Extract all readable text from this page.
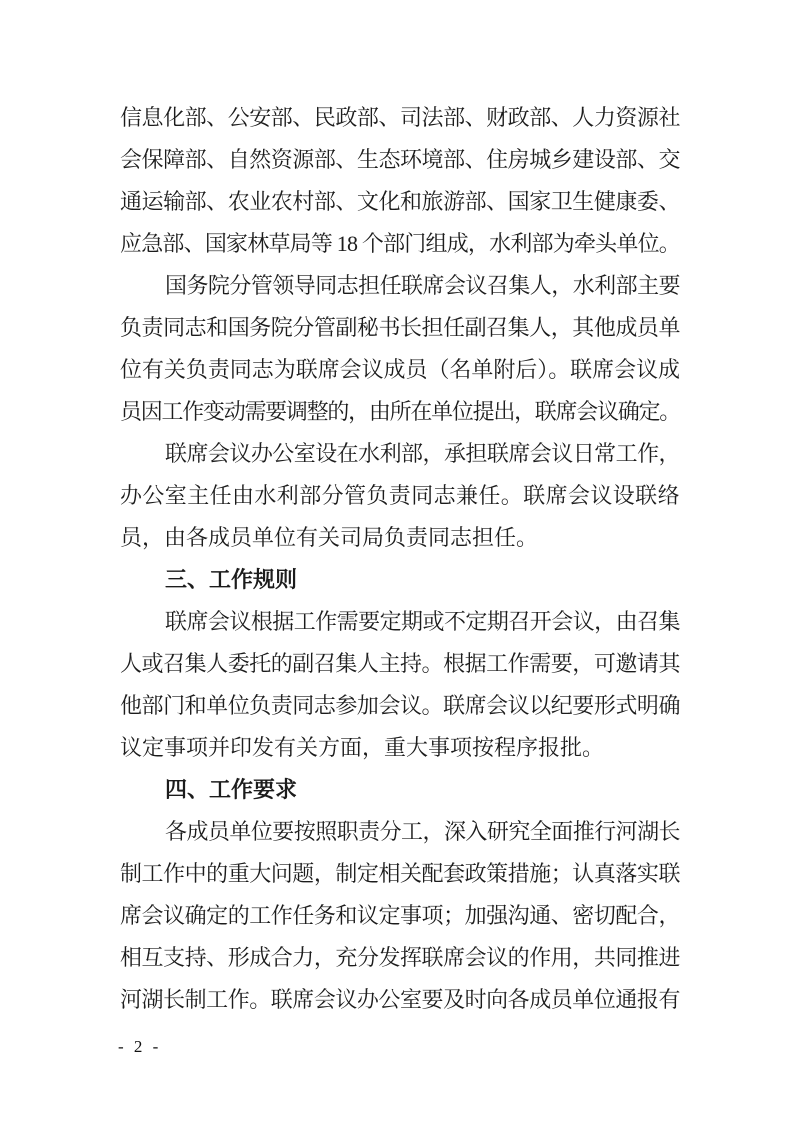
信息化部、公安部、民政部、司法部、财政部、人力资源社
会保障部、自然资源部、生态环境部、住房城乡建设部、交
通运输部、农业农村部、文化和旅游部、国家卫生健康委、
应急部、国家林草局等 18 个部门组成，水利部为牵头单位。
国务院分管领导同志担任联席会议召集人，水利部主要
负责同志和国务院分管副秘书长担任副召集人，其他成员单
位有关负责同志为联席会议成员（名单附后）。联席会议成
员因工作变动需要调整的，由所在单位提出，联席会议确定。
联席会议办公室设在水利部，承担联席会议日常工作，
办公室主任由水利部分管负责同志兼任。联席会议设联络
员，由各成员单位有关司局负责同志担任。
三、工作规则
联席会议根据工作需要定期或不定期召开会议，由召集
人或召集人委托的副召集人主持。根据工作需要，可邀请其
他部门和单位负责同志参加会议。联席会议以纪要形式明确
议定事项并印发有关方面，重大事项按程序报批。
四、工作要求
各成员单位要按照职责分工，深入研究全面推行河湖长
制工作中的重大问题，制定相关配套政策措施；认真落实联
席会议确定的工作任务和议定事项；加强沟通、密切配合，
相互支持、形成合力，充分发挥联席会议的作用，共同推进
河湖长制工作。联席会议办公室要及时向各成员单位通报有
- 2 -
